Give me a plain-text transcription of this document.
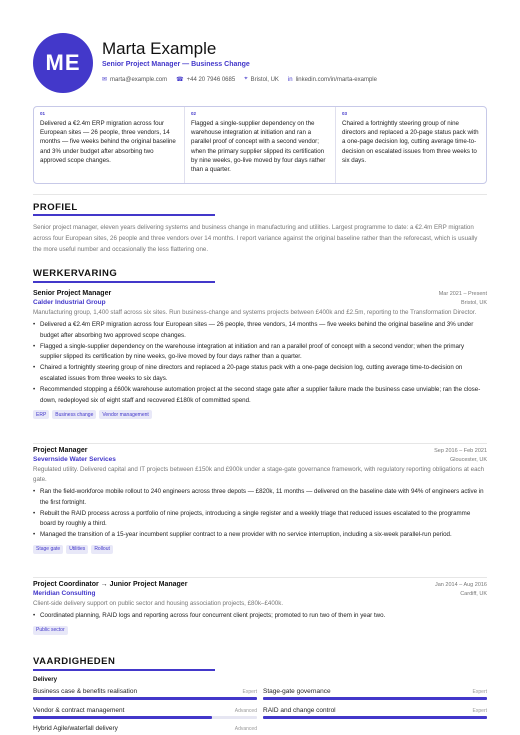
ME
Marta Example
Senior Project Manager — Business Change
✉ marta@example.com ☎ +44 20 7946 0685 ⌖ Bristol, UK in linkedin.com/in/marta-example
01
Delivered a €2.4m ERP migration across four European sites — 26 people, three vendors, 14 months — five weeks behind the original baseline and 3% under budget after absorbing two approved scope changes.
02
Flagged a single-supplier dependency on the warehouse integration at initiation and ran a parallel proof of concept with a second vendor; when the primary supplier slipped its certification by nine weeks, go-live moved by four days rather than a quarter.
03
Chaired a fortnightly steering group of nine directors and replaced a 20-page status pack with a one-page decision log, cutting average time-to-decision on escalated issues from three weeks to six days.
PROFIEL
Senior project manager, eleven years delivering systems and business change in manufacturing and utilities. Largest programme to date: a €2.4m ERP migration across four European sites, 26 people and three vendors over 14 months. I report variance against the original baseline rather than the reforecast, which is usually the more useful number and occasionally the less flattering one.
WERKERVARING
Senior Project Manager	Mar 2021 – Present
Calder Industrial Group	Bristol, UK
Manufacturing group, 1,400 staff across six sites. Run business-change and systems projects between £400k and £2.5m, reporting to the Transformation Director.
• Delivered a €2.4m ERP migration across four European sites — 26 people, three vendors, 14 months — five weeks behind the original baseline and 3% under budget after absorbing two approved scope changes.
• Flagged a single-supplier dependency on the warehouse integration at initiation and ran a parallel proof of concept with a second vendor; when the primary supplier slipped its certification by nine weeks, go-live moved by four days rather than a quarter.
• Chaired a fortnightly steering group of nine directors and replaced a 20-page status pack with a one-page decision log, cutting average time-to-decision on escalated issues from three weeks to six days.
• Recommended stopping a £600k warehouse automation project at the second stage gate after a supplier failure made the business case unviable; ran the close-down, redeployed six of eight staff and recovered £180k of committed spend.
ERP	Business change	Vendor management
Project Manager	Sep 2016 – Feb 2021
Severnside Water Services	Gloucester, UK
Regulated utility. Delivered capital and IT projects between £150k and £900k under a stage-gate governance framework, with regulatory reporting obligations at each gate.
• Ran the field-workforce mobile rollout to 240 engineers across three depots — £820k, 11 months — delivered on the baseline date with 94% of engineers active in the first fortnight.
• Rebuilt the RAID process across a portfolio of nine projects, introducing a single register and a weekly triage that reduced issues escalated to the programme board by roughly a third.
• Managed the transition of a 15-year incumbent supplier contract to a new provider with no service interruption, including a six-week parallel-run period.
Stage gate	Utilities	Rollout
Project Coordinator → Junior Project Manager	Jan 2014 – Aug 2016
Meridian Consulting	Cardiff, UK
Client-side delivery support on public sector and housing association projects, £80k–£400k.
• Coordinated planning, RAID logs and reporting across four concurrent client projects; promoted to run two of them in year two.
Public sector
VAARDIGHEDEN
Delivery
Business case & benefits realisation	Expert Stage-gate governance	Expert
Vendor & contract management	Advanced RAID and change control	Expert
Hybrid Agile/waterfall delivery	Advanced
